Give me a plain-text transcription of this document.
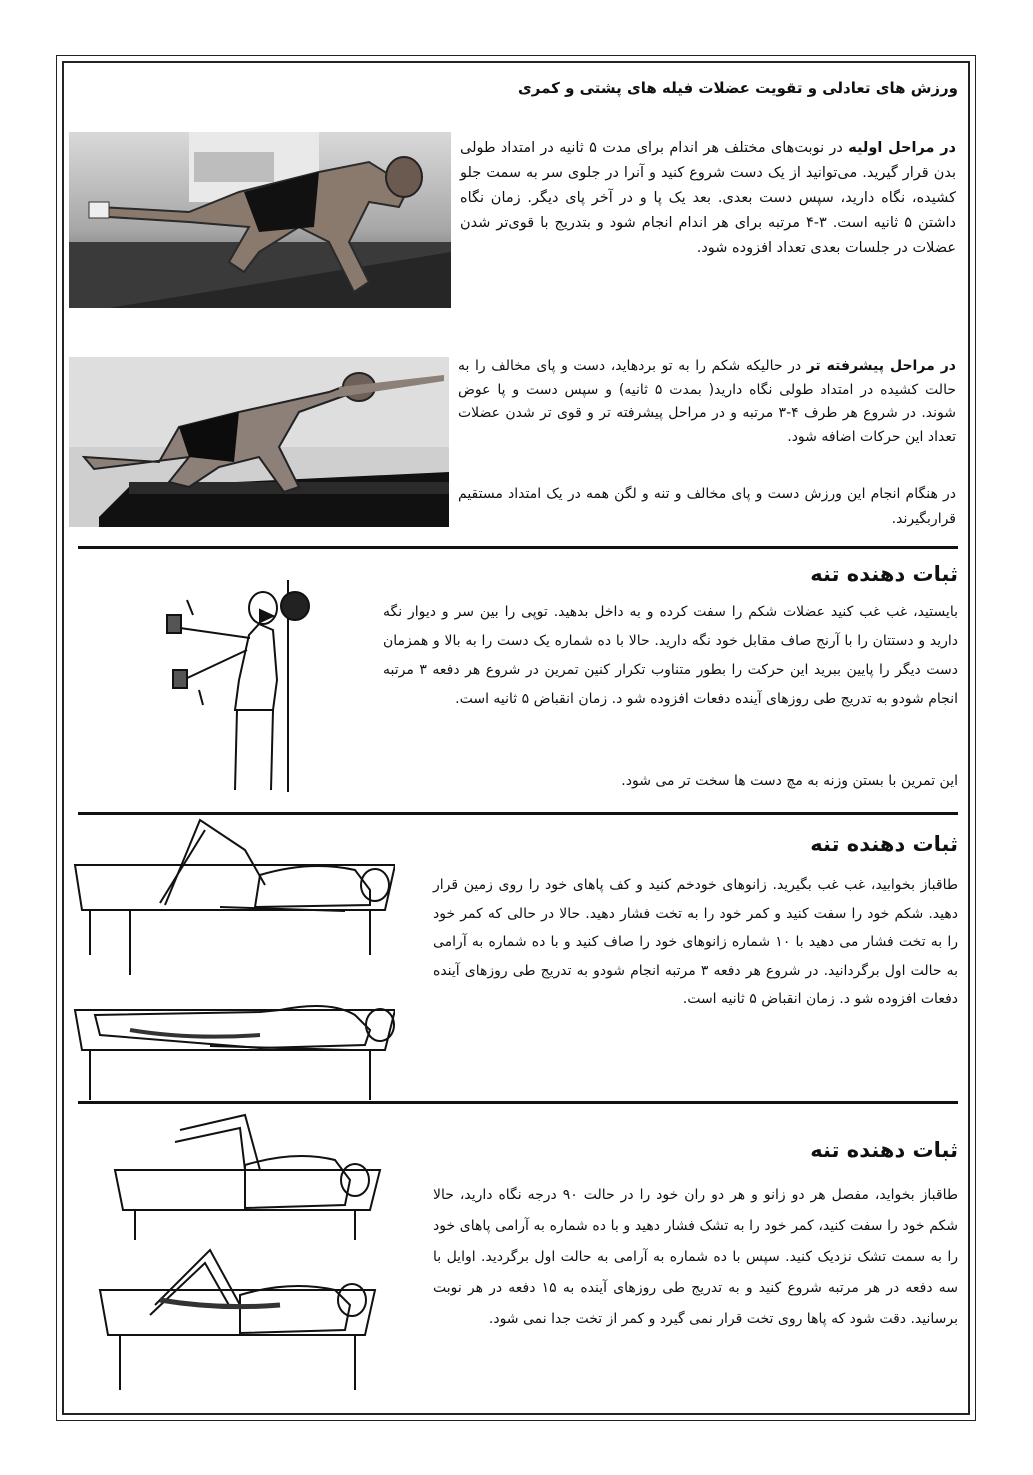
ورزش های تعادلی و تقویت عضلات فیله های پشتی و کمری
در مراحل اولیه در نوبت‌های مختلف هر اندام برای مدت ۵ ثانیه در امتداد طولی بدن قرار گیرید. می‌توانید از یک دست شروع کنید و آنرا در جلوی سر به سمت جلو کشیده، نگاه دارید، سپس دست بعدی. بعد یک پا و در آخر پای دیگر. زمان نگاه داشتن ۵ ثانیه است. ۳-۴ مرتبه برای هر اندام انجام شود و بتدریج با قوی‌تر شدن عضلات در جلسات بعدی تعداد افزوده شود.
در مراحل پیشرفته تر در حالیکه شکم را به تو بردهاید، دست و پای مخالف را به حالت کشیده در امتداد طولی نگاه دارید( بمدت ۵ ثانیه) و سپس دست و پا عوض شوند. در شروع هر طرف ۴-۳ مرتبه و در مراحل پیشرفته تر و قوی تر شدن عضلات تعداد این حرکات اضافه شود.
در هنگام انجام این ورزش دست و پای مخالف و تنه و لگن همه در یک امتداد مستقیم قراربگیرند.
ثبات دهنده تنه
بایستید، غب غب کنید عضلات شکم را سفت کرده و به داخل بدهید. توپی را بین سر و دیوار نگه دارید و دستتان را با آرنج صاف مقابل خود نگه دارید. حالا با ده شماره یک دست را به بالا و همزمان دست دیگر را پایین ببرید این حرکت را بطور متناوب تکرار کنین تمرین در شروع هر دفعه ۳ مرتبه انجام شودو به تدریج طی روزهای آینده دفعات افزوده شو د. زمان انقباض ۵ ثانیه است.
این تمرین با بستن وزنه به مچ دست ها سخت تر می شود.
ثبات دهنده تنه
طاقباز بخوابید، غب غب بگیرید. زانوهای خودخم کنید و کف پاهای خود را روی زمین قرار دهید. شکم خود را سفت کنید و کمر خود را به تخت فشار دهید. حالا در حالی که کمر خود را به تخت فشار می دهید با ۱۰ شماره زانوهای خود را صاف کنید و با ده شماره به آرامی به حالت اول برگردانید. در شروع هر دفعه ۳ مرتبه انجام شودو به تدریج طی روزهای آینده دفعات افزوده شو د. زمان انقباض ۵ ثانیه است.
ثبات دهنده تنه
طاقباز بخواید، مفصل هر دو زانو و هر دو ران خود را در حالت ۹۰ درجه نگاه دارید، حالا شکم خود را سفت کنید، کمر خود را به تشک فشار دهید و با ده شماره به آرامی پاهای خود را به سمت تشک نزدیک کنید. سپس با ده شماره به آرامی به حالت اول برگردید. اوایل با سه دفعه در هر مرتبه شروع کنید و به تدریج طی روزهای آینده به ۱۵ دفعه در هر نوبت برسانید. دقت شود که پاها روی تخت قرار نمی گیرد و کمر از تخت جدا نمی شود.
